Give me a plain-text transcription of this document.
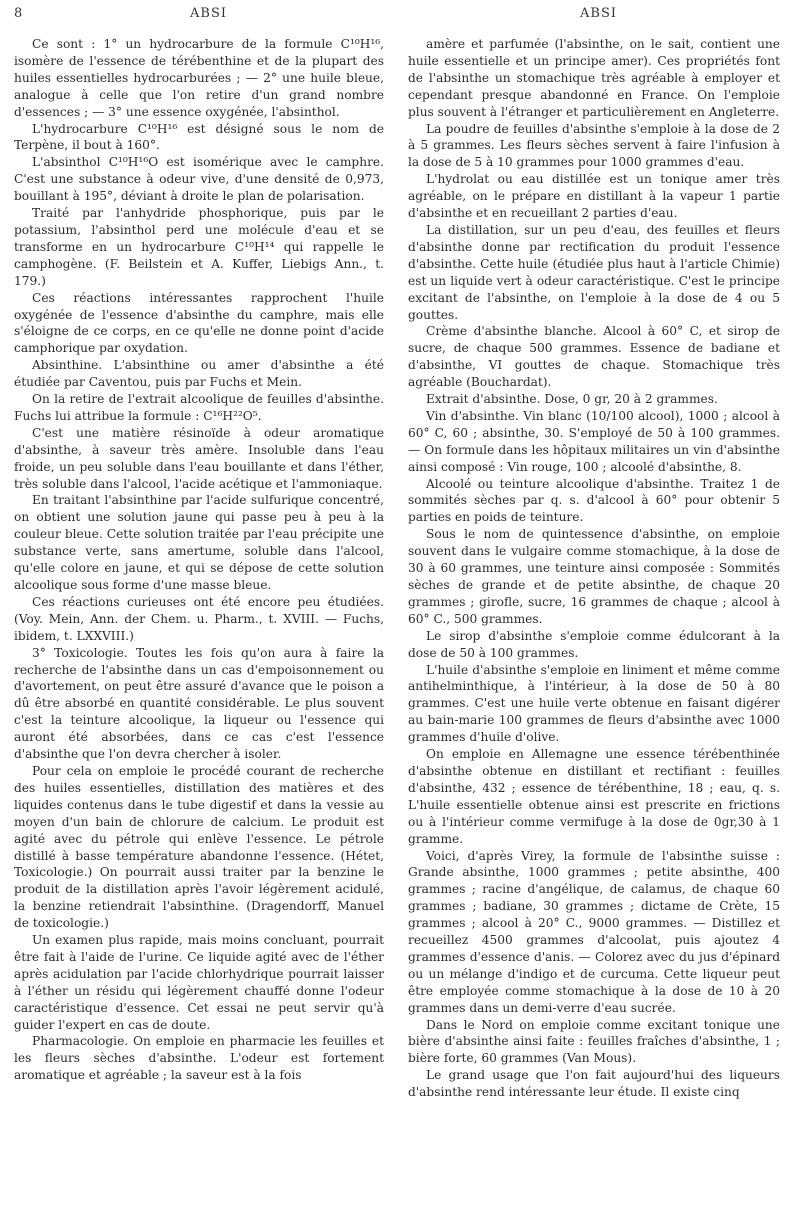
8	ABSI	ABSI

Ce sont : 1° un hydrocarbure de la formule C¹⁰H¹⁶, isomère de l'essence de térébenthine et de la plupart des huiles essentielles hydrocarburées ; — 2° une huile bleue, analogue à celle que l'on retire d'un grand nombre d'essences ; — 3° une essence oxygénée, l'absinthol.

L'hydrocarbure C¹⁰H¹⁶ est désigné sous le nom de Terpène, il bout à 160°.

L'absinthol C¹⁰H¹⁶O est isomérique avec le camphre. C'est une substance à odeur vive, d'une densité de 0,973, bouillant à 195°, déviant à droite le plan de polarisation.

Traité par l'anhydride phosphorique, puis par le potassium, l'absinthol perd une molécule d'eau et se transforme en un hydrocarbure C¹⁰H¹⁴ qui rappelle le camphogène. (F. Beilstein et A. Kuffer, Liebigs Ann., t. 179.)

Ces réactions intéressantes rapprochent l'huile oxygénée de l'essence d'absinthe du camphre, mais elle s'éloigne de ce corps, en ce qu'elle ne donne point d'acide camphorique par oxydation.

Absinthine. L'absinthine ou amer d'absinthe a été étudiée par Caventou, puis par Fuchs et Mein.

On la retire de l'extrait alcoolique de feuilles d'absinthe. Fuchs lui attribue la formule : C¹⁶H²²O⁵.

C'est une matière résinoïde à odeur aromatique d'absinthe, à saveur très amère. Insoluble dans l'eau froide, un peu soluble dans l'eau bouillante et dans l'éther, très soluble dans l'alcool, l'acide acétique et l'ammoniaque.

En traitant l'absinthine par l'acide sulfurique concentré, on obtient une solution jaune qui passe peu à peu à la couleur bleue. Cette solution traitée par l'eau précipite une substance verte, sans amertume, soluble dans l'alcool, qu'elle colore en jaune, et qui se dépose de cette solution alcoolique sous forme d'une masse bleue.

Ces réactions curieuses ont été encore peu étudiées. (Voy. Mein, Ann. der Chem. u. Pharm., t. XVIII. — Fuchs, ibidem, t. LXXVIII.)

3° Toxicologie. Toutes les fois qu'on aura à faire la recherche de l'absinthe dans un cas d'empoisonnement ou d'avortement, on peut être assuré d'avance que le poison a dû être absorbé en quantité considérable. Le plus souvent c'est la teinture alcoolique, la liqueur ou l'essence qui auront été absorbées, dans ce cas c'est l'essence d'absinthe que l'on devra chercher à isoler.

Pour cela on emploie le procédé courant de recherche des huiles essentielles, distillation des matières et des liquides contenus dans le tube digestif et dans la vessie au moyen d'un bain de chlorure de calcium. Le produit est agité avec du pétrole qui enlève l'essence. Le pétrole distillé à basse température abandonne l'essence. (Hétet, Toxicologie.) On pourrait aussi traiter par la benzine le produit de la distillation après l'avoir légèrement acidulé, la benzine retiendrait l'absinthine. (Dragendorff, Manuel de toxicologie.)

Un examen plus rapide, mais moins concluant, pourrait être fait à l'aide de l'urine. Ce liquide agité avec de l'éther après acidulation par l'acide chlorhydrique pourrait laisser à l'éther un résidu qui légèrement chauffé donne l'odeur caractéristique d'essence. Cet essai ne peut servir qu'à guider l'expert en cas de doute.

Pharmacologie. On emploie en pharmacie les feuilles et les fleurs sèches d'absinthe. L'odeur est fortement aromatique et agréable ; la saveur est à la fois

amère et parfumée (l'absinthe, on le sait, contient une huile essentielle et un principe amer). Ces propriétés font de l'absinthe un stomachique très agréable à employer et cependant presque abandonné en France. On l'emploie plus souvent à l'étranger et particulièrement en Angleterre.

La poudre de feuilles d'absinthe s'emploie à la dose de 2 à 5 grammes. Les fleurs sèches servent à faire l'infusion à la dose de 5 à 10 grammes pour 1000 grammes d'eau.

L'hydrolat ou eau distillée est un tonique amer très agréable, on le prépare en distillant à la vapeur 1 partie d'absinthe et en recueillant 2 parties d'eau.

La distillation, sur un peu d'eau, des feuilles et fleurs d'absinthe donne par rectification du produit l'essence d'absinthe. Cette huile (étudiée plus haut à l'article Chimie) est un liquide vert à odeur caractéristique. C'est le principe excitant de l'absinthe, on l'emploie à la dose de 4 ou 5 gouttes.

Crème d'absinthe blanche. Alcool à 60° C, et sirop de sucre, de chaque 500 grammes. Essence de badiane et d'absinthe, VI gouttes de chaque. Stomachique très agréable (Bouchardat).

Extrait d'absinthe. Dose, 0 gr, 20 à 2 grammes.

Vin d'absinthe. Vin blanc (10/100 alcool), 1000 ; alcool à 60° C, 60 ; absinthe, 30. S'employé de 50 à 100 grammes. — On formule dans les hôpitaux militaires un vin d'absinthe ainsi composé : Vin rouge, 100 ; alcoolé d'absinthe, 8.

Alcoolé ou teinture alcoolique d'absinthe. Traitez 1 de sommités sèches par q. s. d'alcool à 60° pour obtenir 5 parties en poids de teinture.

Sous le nom de quintessence d'absinthe, on emploie souvent dans le vulgaire comme stomachique, à la dose de 30 à 60 grammes, une teinture ainsi composée : Sommités sèches de grande et de petite absinthe, de chaque 20 grammes ; girofle, sucre, 16 grammes de chaque ; alcool à 60° C., 500 grammes.

Le sirop d'absinthe s'emploie comme édulcorant à la dose de 50 à 100 grammes.

L'huile d'absinthe s'emploie en liniment et même comme antihelminthique, à l'intérieur, à la dose de 50 à 80 grammes. C'est une huile verte obtenue en faisant digérer au bain-marie 100 grammes de fleurs d'absinthe avec 1000 grammes d'huile d'olive.

On emploie en Allemagne une essence térébenthinée d'absinthe obtenue en distillant et rectifiant : feuilles d'absinthe, 432 ; essence de térébenthine, 18 ; eau, q. s. L'huile essentielle obtenue ainsi est prescrite en frictions ou à l'intérieur comme vermifuge à la dose de 0gr,30 à 1 gramme.

Voici, d'après Virey, la formule de l'absinthe suisse : Grande absinthe, 1000 grammes ; petite absinthe, 400 grammes ; racine d'angélique, de calamus, de chaque 60 grammes ; badiane, 30 grammes ; dictame de Crète, 15 grammes ; alcool à 20° C., 9000 grammes. — Distillez et recueillez 4500 grammes d'alcoolat, puis ajoutez 4 grammes d'essence d'anis. — Colorez avec du jus d'épinard ou un mélange d'indigo et de curcuma. Cette liqueur peut être employée comme stomachique à la dose de 10 à 20 grammes dans un demi-verre d'eau sucrée.

Dans le Nord on emploie comme excitant tonique une bière d'absinthe ainsi faite : feuilles fraîches d'absinthe, 1 ; bière forte, 60 grammes (Van Mous).

Le grand usage que l'on fait aujourd'hui des liqueurs d'absinthe rend intéressante leur étude. Il existe cinq
